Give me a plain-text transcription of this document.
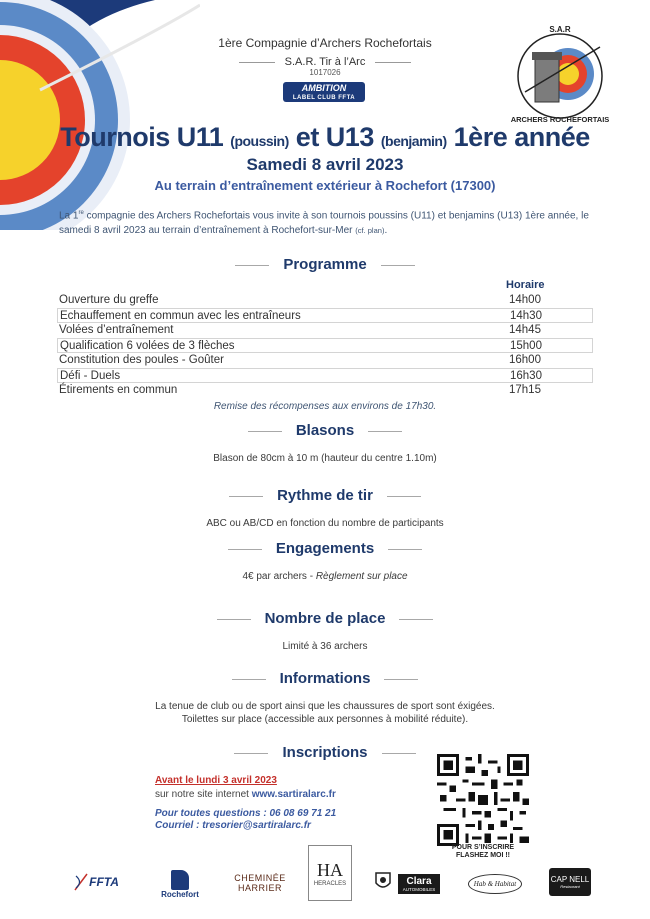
1ère Compagnie d’Archers Rochefortais
S.A.R. Tir à l’Arc
1017026
AMBITION
LABEL CLUB FFTA
S.A.R
ARCHERS ROCHEFORTAIS
Tournois U11 (poussin) et U13 (benjamin) 1ère année
Samedi 8 avril 2023
Au terrain d’entraînement extérieur à Rochefort (17300)
La 1re compagnie des Archers Rochefortais vous invite à son tournois poussins (U11) et benjamins (U13) 1ère année, le samedi 8 avril 2023 au terrain d’entraînement à Rochefort-sur-Mer (cf. plan).
Programme
Horaire
Ouverture du greffe	14h00
Echauffement en commun avec les entraîneurs	14h30
Volées d’entraînement	14h45
Qualification 6 volées de 3 flèches	15h00
Constitution des poules - Goûter	16h00
Défi - Duels	16h30
Étirements en commun	17h15
Remise des récompenses aux environs de 17h30.
Blasons
Blason de 80cm à 10 m (hauteur du centre 1.10m)
Rythme de tir
ABC ou AB/CD en fonction du nombre de participants
Engagements
4€ par archers - Règlement sur place
Nombre de place
Limité à 36 archers
Informations
La tenue de club ou de sport ainsi que les chaussures de sport sont éxigées.
Toilettes sur place (accessible aux personnes à mobilité réduite).
Inscriptions
Avant le lundi 3 avril 2023
sur notre site internet www.sartiralarc.fr
Pour toutes questions : 06 08 69 71 21
Courriel : tresorier@sartiralarc.fr
POUR S’INSCRIRE
FLASHEZ MOI !!
FFTA
Rochefort
CHEMINÉE
HARRIER
HA
HERACLES	Clara
AUTOMOBILES
Hab & Habitat	CAP NELL
Restaurant
